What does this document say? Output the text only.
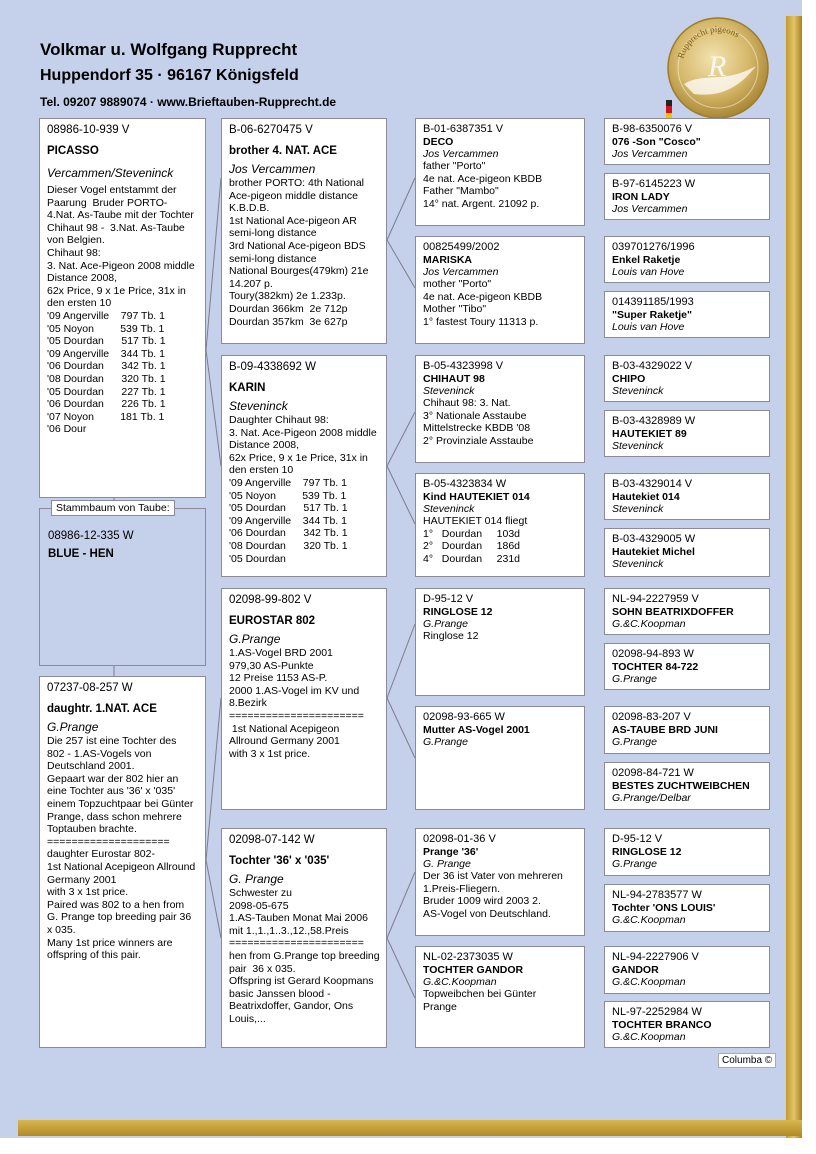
Volkmar u. Wolfgang Rupprecht
Huppendorf 35 · 96167 Königsfeld
Tel. 09207 9889074 · www.Brieftauben-Rupprecht.de
Rupprecht pigeons
R
08986-10-939 V
PICASSO
Vercammen/Steveninck
Dieser Vogel entstammt der
Paarung  Bruder PORTO-
4.Nat. As-Taube mit der Tochter
Chihaut 98 -  3.Nat. As-Taube
von Belgien.
Chihaut 98:
3. Nat. Ace-Pigeon 2008 middle
Distance 2008,
62x Price, 9 x 1e Price, 31x in
den ersten 10
'09 Angerville    797 Tb. 1
'05 Noyon         539 Tb. 1
'05 Dourdan      517 Tb. 1
'09 Angerville    344 Tb. 1
'06 Dourdan      342 Tb. 1
'08 Dourdan      320 Tb. 1
'05 Dourdan      227 Tb. 1
'06 Dourdan      226 Tb. 1
'07 Noyon         181 Tb. 1
'06 Dour
08986-12-335 W
BLUE - HEN
Stammbaum von Taube:
07237-08-257 W
daughtr. 1.NAT. ACE
G.Prange
Die 257 ist eine Tochter des
802 - 1.AS-Vogels von
Deutschland 2001.
Gepaart war der 802 hier an
eine Tochter aus '36' x '035'
einem Topzuchtpaar bei Günter
Prange, dass schon mehrere
Toptauben brachte.
====================
daughter Eurostar 802-
1st National Acepigeon Allround
Germany 2001
with 3 x 1st price.
Paired was 802 to a hen from
G. Prange top breeding pair 36
x 035.
Many 1st price winners are
offspring of this pair.
B-06-6270475 V
brother 4. NAT. ACE
Jos Vercammen
brother PORTO: 4th National
Ace-pigeon middle distance
K.B.D.B.
1st National Ace-pigeon AR
semi-long distance
3rd National Ace-pigeon BDS
semi-long distance
National Bourges(479km) 21e
14.207 p.
Toury(382km) 2e 1.233p.
Dourdan 366km  2e 712p
Dourdan 357km  3e 627p
B-09-4338692 W
KARIN
Steveninck
Daughter Chihaut 98:
3. Nat. Ace-Pigeon 2008 middle
Distance 2008,
62x Price, 9 x 1e Price, 31x in
den ersten 10
'09 Angerville    797 Tb. 1
'05 Noyon         539 Tb. 1
'05 Dourdan      517 Tb. 1
'09 Angerville    344 Tb. 1
'06 Dourdan      342 Tb. 1
'08 Dourdan      320 Tb. 1
'05 Dourdan
02098-99-802 V
EUROSTAR 802
G.Prange
1.AS-Vogel BRD 2001
979,30 AS-Punkte
12 Preise 1153 AS-P.
2000 1.AS-Vogel im KV und
8.Bezirk
======================
1st National Acepigeon
Allround Germany 2001
with 3 x 1st price.
02098-07-142 W
Tochter '36' x '035'
G. Prange
Schwester zu
2098-05-675
1.AS-Tauben Monat Mai 2006
mit 1.,1.,1..3.,12.,58.Preis
======================
hen from G.Prange top breeding
pair  36 x 035.
Offspring ist Gerard Koopmans
basic Janssen blood -
Beatrixdoffer, Gandor, Ons
Louis,...
B-01-6387351 V
DECO
Jos Vercammen
father "Porto"
4e nat. Ace-pigeon KBDB
Father "Mambo"
14° nat. Argent. 21092 p.
00825499/2002
MARISKA
Jos Vercammen
mother "Porto"
4e nat. Ace-pigeon KBDB
Mother "Tibo"
1° fastest Toury 11313 p.
B-05-4323998 V
CHIHAUT 98
Steveninck
Chihaut 98: 3. Nat.
3° Nationale Asstaube
Mittelstrecke KBDB '08
2° Provinziale Asstaube
B-05-4323834 W
Kind HAUTEKIET 014
Steveninck
HAUTEKIET 014 fliegt
1°   Dourdan     103d
2°   Dourdan     186d
4°   Dourdan     231d
D-95-12 V
RINGLOSE 12
G.Prange
Ringlose 12
02098-93-665 W
Mutter AS-Vogel 2001
G.Prange
02098-01-36 V
Prange '36'
G. Prange
Der 36 ist Vater von mehreren
1.Preis-Fliegern.
Bruder 1009 wird 2003 2.
AS-Vogel von Deutschland.
NL-02-2373035 W
TOCHTER GANDOR
G.&C.Koopman
Topweibchen bei Günter
Prange
B-98-6350076 V
076 -Son "Cosco"
Jos Vercammen
B-97-6145223 W
IRON LADY
Jos Vercammen
039701276/1996
Enkel Raketje
Louis van Hove
014391185/1993
"Super Raketje"
Louis van Hove
B-03-4329022 V
CHIPO
Steveninck
B-03-4328989 W
HAUTEKIET 89
Steveninck
B-03-4329014 V
Hautekiet 014
Steveninck
B-03-4329005 W
Hautekiet Michel
Steveninck
NL-94-2227959 V
SOHN BEATRIXDOFFER
G.&C.Koopman
02098-94-893 W
TOCHTER 84-722
G.Prange
02098-83-207 V
AS-TAUBE BRD JUNI
G.Prange
02098-84-721 W
BESTES ZUCHTWEIBCHEN
G.Prange/Delbar
D-95-12 V
RINGLOSE 12
G.Prange
NL-94-2783577 W
Tochter 'ONS LOUIS'
G.&C.Koopman
NL-94-2227906 V
GANDOR
G.&C.Koopman
NL-97-2252984 W
TOCHTER BRANCO
G.&C.Koopman
Columba ©
